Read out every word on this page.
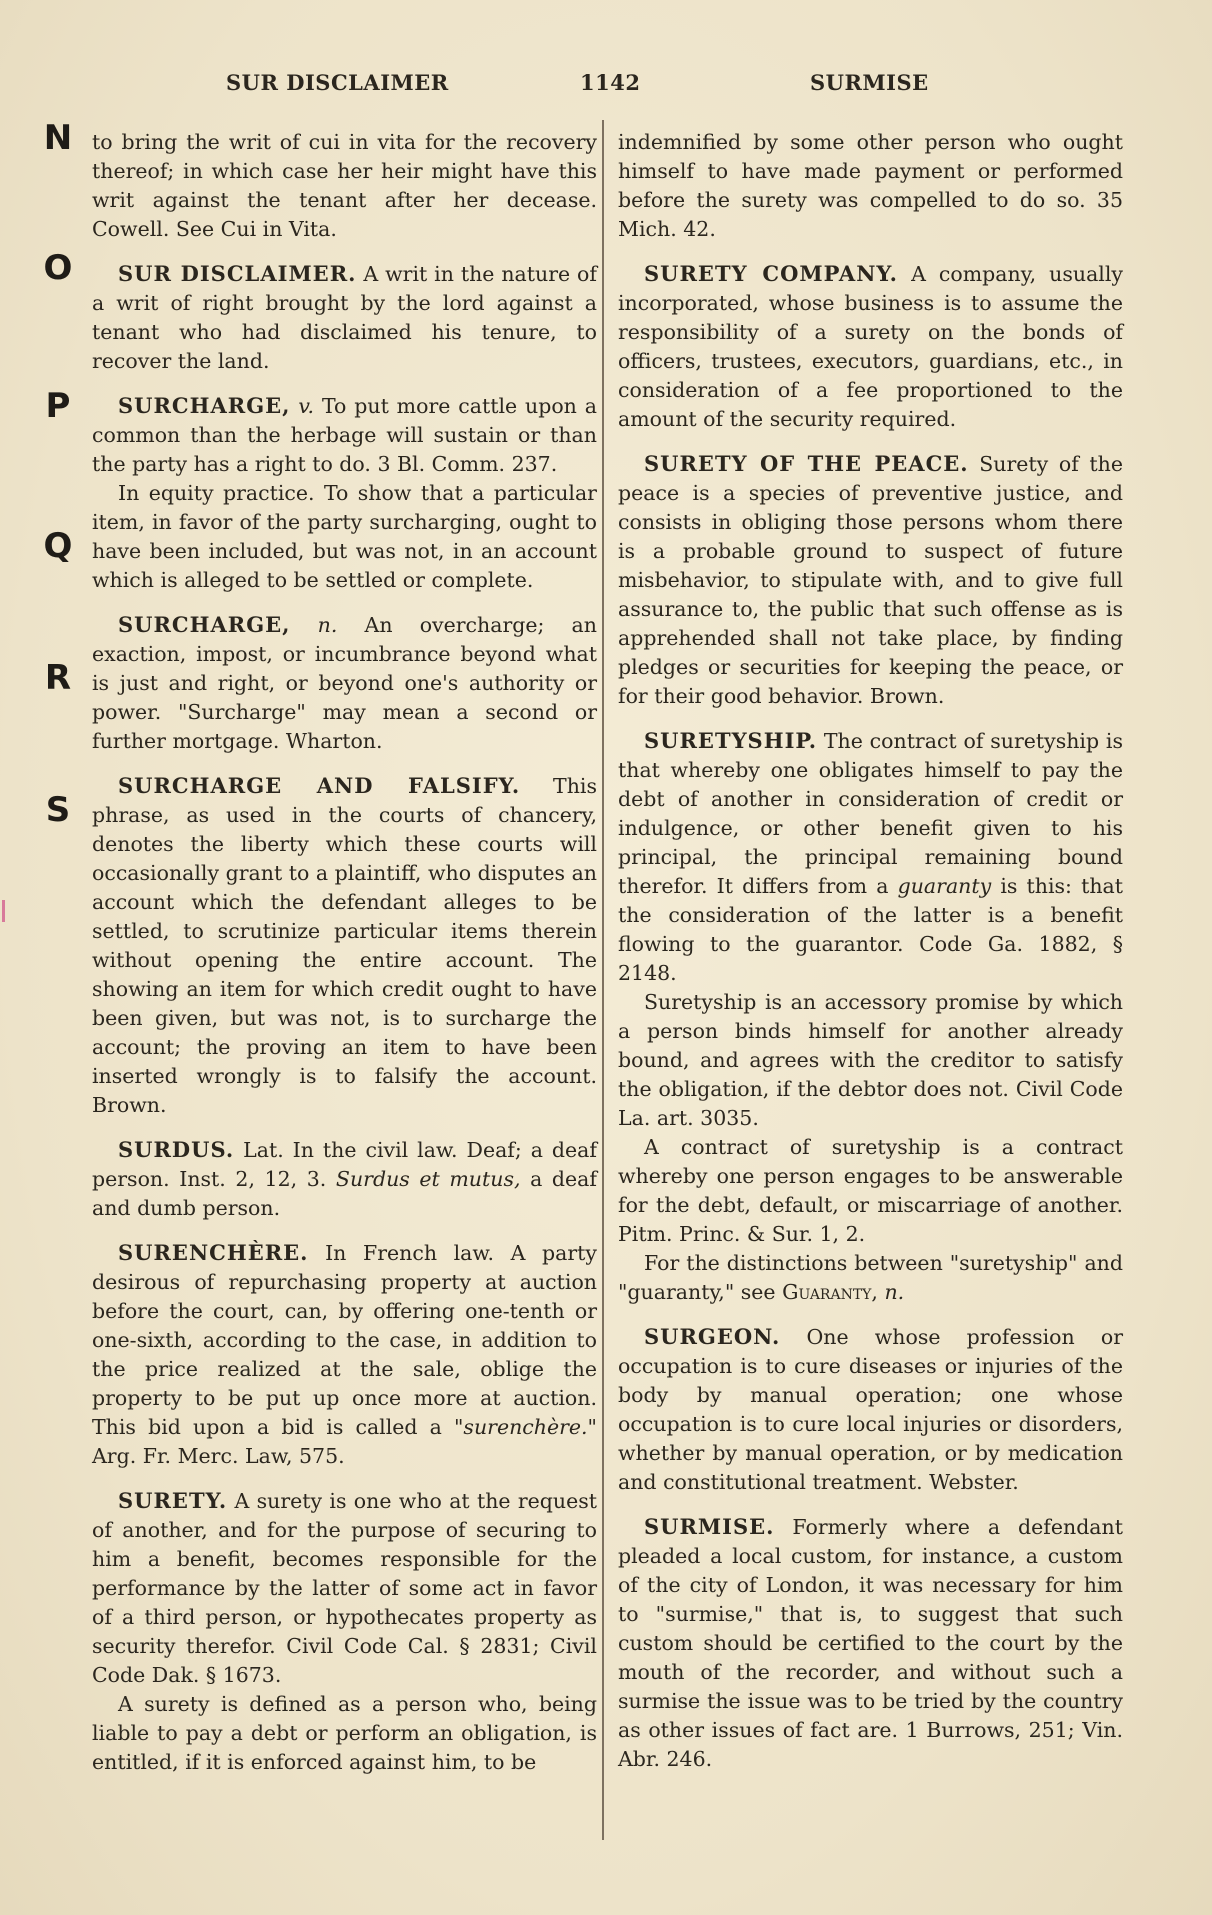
SUR DISCLAIMER	1142	SURMISE
N
O
P
Q
R
S

to bring the writ of cui in vita for the recovery thereof; in which case her heir might have this writ against the tenant after her decease. Cowell. See Cui in Vita.

SUR DISCLAIMER. A writ in the nature of a writ of right brought by the lord against a tenant who had disclaimed his tenure, to recover the land.

SURCHARGE, v. To put more cattle upon a common than the herbage will sustain or than the party has a right to do. 3 Bl. Comm. 237.

In equity practice. To show that a particular item, in favor of the party surcharging, ought to have been included, but was not, in an account which is alleged to be settled or complete.

SURCHARGE, n. An overcharge; an exaction, impost, or incumbrance beyond what is just and right, or beyond one's authority or power. "Surcharge" may mean a second or further mortgage. Wharton.

SURCHARGE AND FALSIFY. This phrase, as used in the courts of chancery, denotes the liberty which these courts will occasionally grant to a plaintiff, who disputes an account which the defendant alleges to be settled, to scrutinize particular items therein without opening the entire account. The showing an item for which credit ought to have been given, but was not, is to surcharge the account; the proving an item to have been inserted wrongly is to falsify the account. Brown.

SURDUS. Lat. In the civil law. Deaf; a deaf person. Inst. 2, 12, 3. Surdus et mutus, a deaf and dumb person.

SURENCHÈRE. In French law. A party desirous of repurchasing property at auction before the court, can, by offering one-tenth or one-sixth, according to the case, in addition to the price realized at the sale, oblige the property to be put up once more at auction. This bid upon a bid is called a "surenchère." Arg. Fr. Merc. Law, 575.

SURETY. A surety is one who at the request of another, and for the purpose of securing to him a benefit, becomes responsible for the performance by the latter of some act in favor of a third person, or hypothecates property as security therefor. Civil Code Cal. § 2831; Civil Code Dak. § 1673.

A surety is defined as a person who, being liable to pay a debt or perform an obligation, is entitled, if it is enforced against him, to be

indemnified by some other person who ought himself to have made payment or performed before the surety was compelled to do so. 35 Mich. 42.

SURETY COMPANY. A company, usually incorporated, whose business is to assume the responsibility of a surety on the bonds of officers, trustees, executors, guardians, etc., in consideration of a fee proportioned to the amount of the security required.

SURETY OF THE PEACE. Surety of the peace is a species of preventive justice, and consists in obliging those persons whom there is a probable ground to suspect of future misbehavior, to stipulate with, and to give full assurance to, the public that such offense as is apprehended shall not take place, by finding pledges or securities for keeping the peace, or for their good behavior. Brown.

SURETYSHIP. The contract of suretyship is that whereby one obligates himself to pay the debt of another in consideration of credit or indulgence, or other benefit given to his principal, the principal remaining bound therefor. It differs from a guaranty is this: that the consideration of the latter is a benefit flowing to the guarantor. Code Ga. 1882, § 2148.

Suretyship is an accessory promise by which a person binds himself for another already bound, and agrees with the creditor to satisfy the obligation, if the debtor does not. Civil Code La. art. 3035.

A contract of suretyship is a contract whereby one person engages to be answerable for the debt, default, or miscarriage of another. Pitm. Princ. & Sur. 1, 2.

For the distinctions between "suretyship" and "guaranty," see Guaranty, n.

SURGEON. One whose profession or occupation is to cure diseases or injuries of the body by manual operation; one whose occupation is to cure local injuries or disorders, whether by manual operation, or by medication and constitutional treatment. Webster.

SURMISE. Formerly where a defendant pleaded a local custom, for instance, a custom of the city of London, it was necessary for him to "surmise," that is, to suggest that such custom should be certified to the court by the mouth of the recorder, and without such a surmise the issue was to be tried by the country as other issues of fact are. 1 Burrows, 251; Vin. Abr. 246.
